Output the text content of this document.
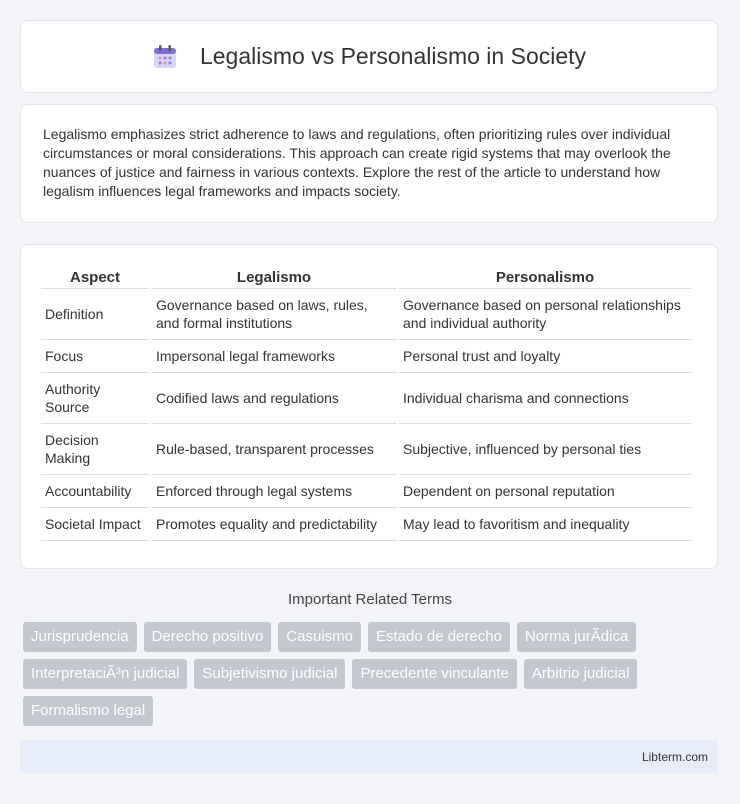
Legalismo vs Personalismo in Society

Legalismo emphasizes strict adherence to laws and regulations, often prioritizing rules over individual circumstances or moral considerations. This approach can create rigid systems that may overlook the nuances of justice and fairness in various contexts. Explore the rest of the article to understand how legalism influences legal frameworks and impacts society.

Aspect	Legalismo	Personalismo
Definition	Governance based on laws, rules, and formal institutions	Governance based on personal relationships and individual authority
Focus	Impersonal legal frameworks	Personal trust and loyalty
Authority Source	Codified laws and regulations	Individual charisma and connections
Decision Making	Rule-based, transparent processes	Subjective, influenced by personal ties
Accountability	Enforced through legal systems	Dependent on personal reputation
Societal Impact	Promotes equality and predictability	May lead to favoritism and inequality
Important Related Terms
Jurisprudencia	Derecho positivo	Casuismo	Estado de derecho	Norma jurÃdica
InterpretaciÃ³n judicial	Subjetivismo judicial	Precedente vinculante	Arbitrio judicial
Formalismo legal
Libterm.com
